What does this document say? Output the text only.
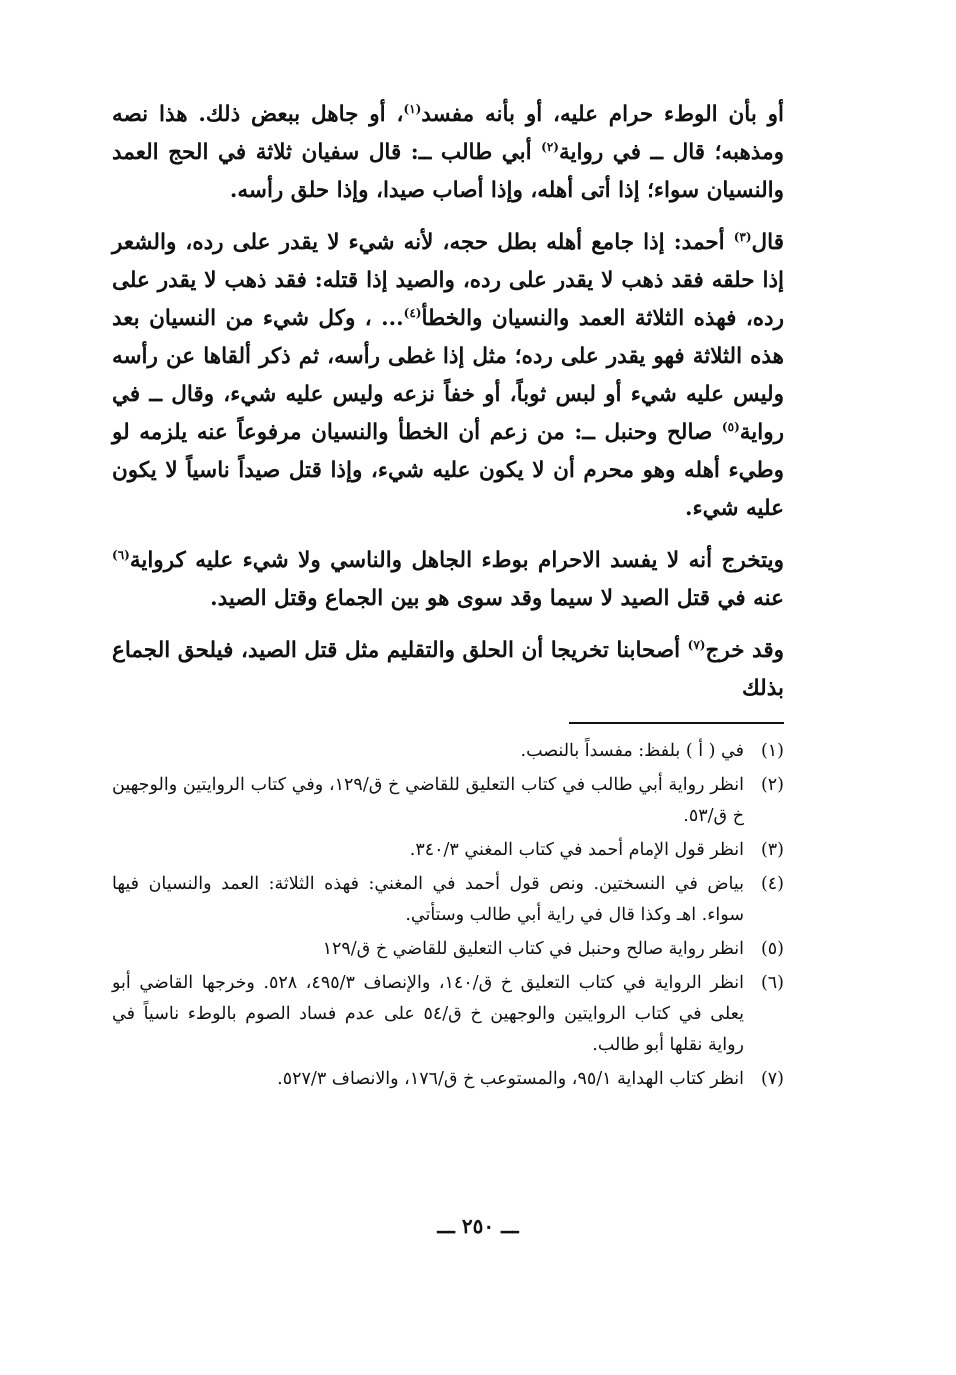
أو بأن الوطء حرام عليه، أو بأنه مفسد$^{(١)}$، أو جاهل ببعض ذلك. هذا نصه ومذهبه؛ قال ــ في رواية$^{(٢)}$ أبي طالب ــ: قال سفيان ثلاثة في الحج العمد والنسيان سواء؛ إذا أتى أهله، وإذا أصاب صيدا، وإذا حلق رأسه.

قال$^{(٣)}$ أحمد: إذا جامع أهله بطل حجه، لأنه شيء لا يقدر على رده، والشعر إذا حلقه فقد ذهب لا يقدر على رده، والصيد إذا قتله: فقد ذهب لا يقدر على رده، فهذه الثلاثة العمد والنسيان والخطأ$^{(٤)}$... ، وكل شيء من النسيان بعد هذه الثلاثة فهو يقدر على رده؛ مثل إذا غطى رأسه، ثم ذكر ألقاها عن رأسه وليس عليه شيء أو لبس ثوباً، أو خفاً نزعه وليس عليه شيء، وقال ــ في رواية$^{(٥)}$ صالح وحنبل ــ: من زعم أن الخطأ والنسيان مرفوعاً عنه يلزمه لو وطيء أهله وهو محرم أن لا يكون عليه شيء، وإذا قتل صيداً ناسياً لا يكون عليه شيء.

ويتخرج أنه لا يفسد الاحرام بوطء الجاهل والناسي ولا شيء عليه كرواية$^{(٦)}$ عنه في قتل الصيد لا سيما وقد سوى هو بين الجماع وقتل الصيد.

وقد خرج$^{(٧)}$ أصحابنا تخريجا أن الحلق والتقليم مثل قتل الصيد، فيلحق الجماع بذلك

(١)
في ( أ ) بلفظ: مفسداً بالنصب.
(٢)
انظر رواية أبي طالب في كتاب التعليق للقاضي خ ق/١٢٩، وفي كتاب الروايتين والوجهين خ ق/٥٣.
(٣)
انظر قول الإمام أحمد في كتاب المغني ٣٤٠/٣.
(٤)
بياض في النسختين. ونص قول أحمد في المغني: فهذه الثلاثة: العمد والنسيان فيها سواء. اهـ وكذا قال في راية أبي طالب وستأتي.
(٥)
انظر رواية صالح وحنبل في كتاب التعليق للقاضي خ ق/١٢٩
(٦)
انظر الرواية في كتاب التعليق خ ق/١٤٠، والإنصاف ٤٩٥/٣، ٥٢٨. وخرجها القاضي أبو يعلى في كتاب الروايتين والوجهين خ ق/٥٤ على عدم فساد الصوم بالوطء ناسياً في رواية نقلها أبو طالب.
(٧)
انظر كتاب الهداية ٩٥/١، والمستوعب خ ق/١٧٦، والانصاف ٥٢٧/٣.
ـــ ٢٥٠ ـــ
